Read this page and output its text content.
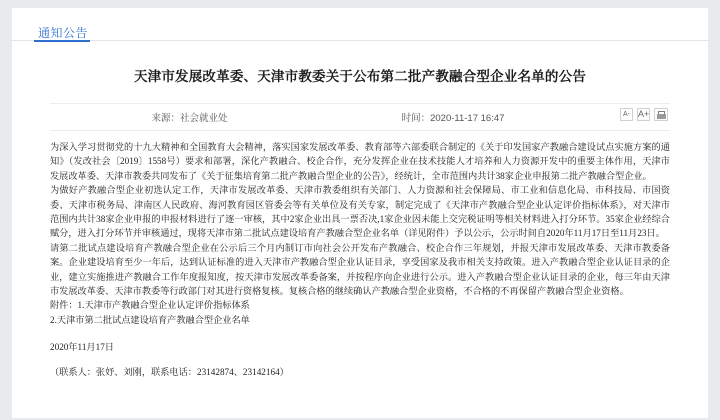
通知公告
天津市发展改革委、天津市教委关于公布第二批产教融合型企业名单的公告
来源：社会就业处	时间：2020-11-17 16:47	A- A+

为深入学习贯彻党的十九大精神和全国教育大会精神，落实国家发展改革委、教育部等六部委联合制定的《关于印发国家产教融合建设试点实施方案的通知》（发改社会〔2019〕1558号）要求和部署，深化产教融合、校企合作，充分发挥企业在技术技能人才培养和人力资源开发中的重要主体作用，天津市发展改革委、天津市教委共同发布了《关于征集培育第二批产教融合型企业的公告》，经统计，全市范围内共计38家企业申报第二批产教融合型企业。

为做好产教融合型企业初选认定工作，天津市发展改革委、天津市教委组织有关部门、人力资源和社会保障局、市工业和信息化局、市科技局、市国资委、天津市税务局、津南区人民政府、海河教育园区管委会等有关单位及有关专家，制定完成了《天津市产教融合型企业认定评价指标体系》，对天津市范围内共计38家企业申报的申报材料进行了逐一审核，其中2家企业出具一票否决,1家企业因未能上交完税证明等相关材料进入打分环节。35家企业经综合赋分，进入打分环节并审核通过，现将天津市第二批试点建设培育产教融合型企业名单（详见附件）予以公示，公示时间自2020年11月17日至11月23日。

请第二批试点建设培育产教融合型企业在公示后三个月内制订市向社会公开发布产教融合、校企合作三年规划，并报天津市发展改革委、天津市教委备案。企业建设培育至少一年后，达到认证标准的进入天津市产教融合型企业认证目录，享受国家及我市相关支持政策。进入产教融合型企业认证目录的企业，建立实施推进产教融合工作年度报知度，按天津市发展改革委备案，并按程序向企业进行公示。进入产教融合型企业认证目录的企业，每三年由天津市发展改革委、天津市教委等行政部门对其进行资格复核。复核合格的继续确认产教融合型企业资格，不合格的不再保留产教融合型企业资格。

附件：1.天津市产教融合型企业认定评价指标体系

2.天津市第二批试点建设培育产教融合型企业名单

2020年11月17日
（联系人：张妤、刘刚，联系电话：23142874、23142164）
